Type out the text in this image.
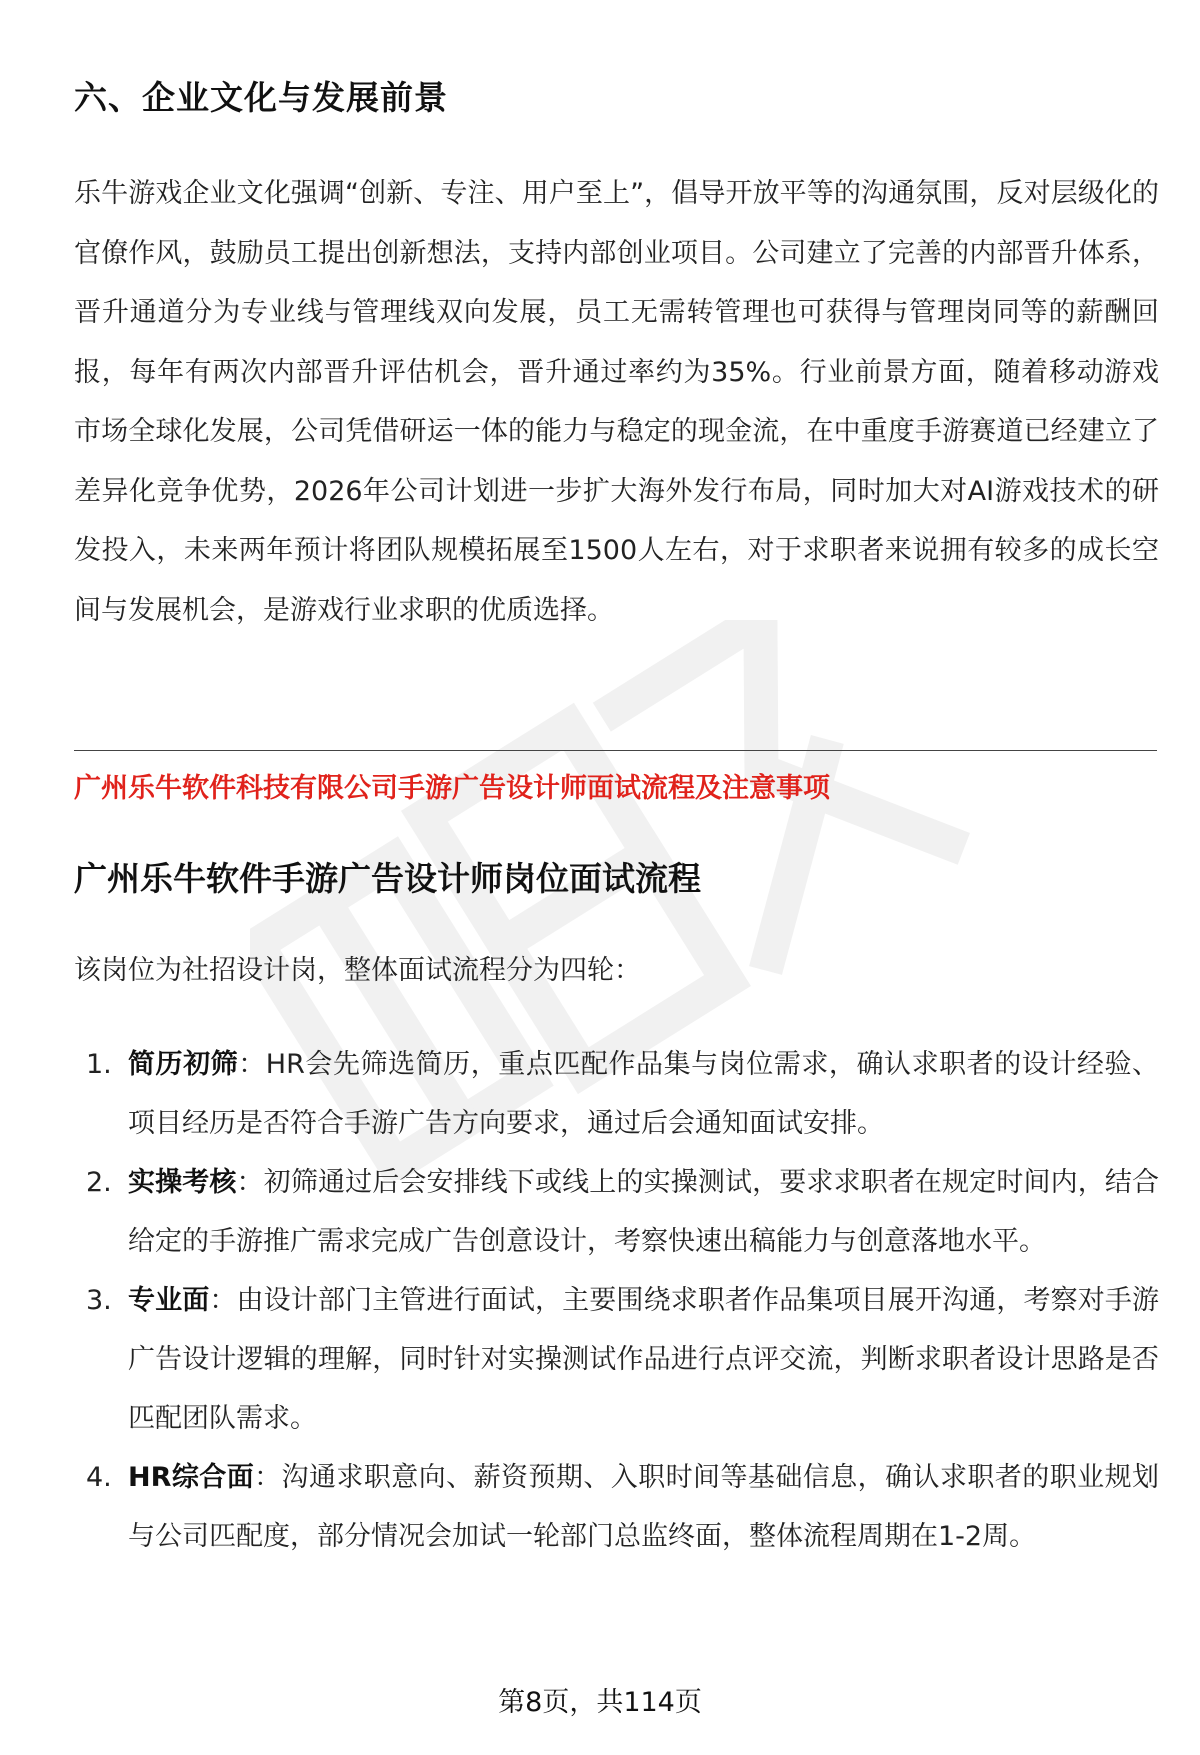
六、企业文化与发展前景

乐牛游戏企业文化强调“创新、专注、用户至上”，倡导开放平等的沟通氛围，反对层级化的官僚作风，鼓励员工提出创新想法，支持内部创业项目。公司建立了完善的内部晋升体系，晋升通道分为专业线与管理线双向发展，员工无需转管理也可获得与管理岗同等的薪酬回报，每年有两次内部晋升评估机会，晋升通过率约为35%。行业前景方面，随着移动游戏市场全球化发展，公司凭借研运一体的能力与稳定的现金流，在中重度手游赛道已经建立了差异化竞争优势，2026年公司计划进一步扩大海外发行布局，同时加大对AI游戏技术的研发投入，未来两年预计将团队规模拓展至1500人左右，对于求职者来说拥有较多的成长空间与发展机会，是游戏行业求职的优质选择。

广州乐牛软件科技有限公司手游广告设计师面试流程及注意事项
广州乐牛软件手游广告设计师岗位面试流程

该岗位为社招设计岗，整体面试流程分为四轮：

1. 简历初筛：HR会先筛选简历，重点匹配作品集与岗位需求，确认求职者的设计经验、项目经历是否符合手游广告方向要求，通过后会通知面试安排。
2. 实操考核：初筛通过后会安排线下或线上的实操测试，要求求职者在规定时间内，结合给定的手游推广需求完成广告创意设计，考察快速出稿能力与创意落地水平。
3. 专业面：由设计部门主管进行面试，主要围绕求职者作品集项目展开沟通，考察对手游广告设计逻辑的理解，同时针对实操测试作品进行点评交流，判断求职者设计思路是否匹配团队需求。
4. HR综合面：沟通求职意向、薪资预期、入职时间等基础信息，确认求职者的职业规划与公司匹配度，部分情况会加试一轮部门总监终面，整体流程周期在1-2周。
第8页，共114页
